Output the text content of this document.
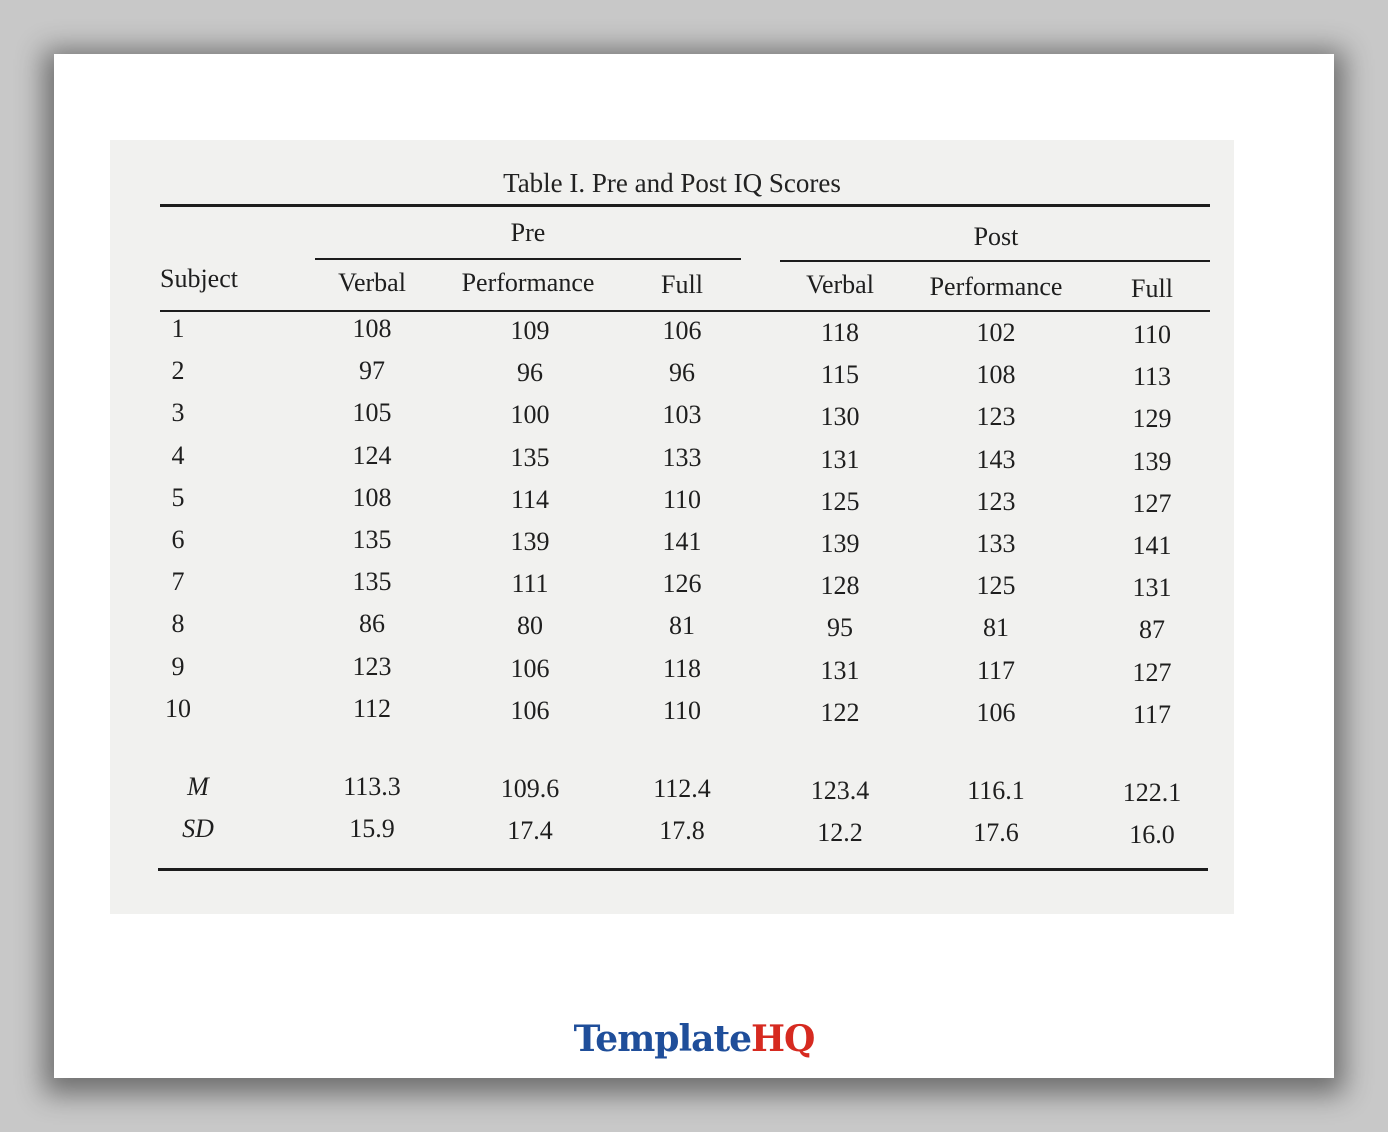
Table I. Pre and Post IQ Scores
Pre	Post
Subject	Verbal Performance	Full	Verbal Performance	Full
1	108	109	106	118	102	110
2	97	96	96	115	108	113
3	105	100	103	130	123	129
4	124	135	133	131	143	139
5	108	114	110	125	123	127
6	135	139	141	139	133	141
7	135	111	126	128	125	131
8	86	80	81	95	81	87
9	123	106	118	131	117	127
10	112	106	110	122	106	117
M	113.3	109.6	112.4	123.4	116.1	122.1
SD	15.9	17.4	17.8	12.2	17.6	16.0
TemplateHQ
